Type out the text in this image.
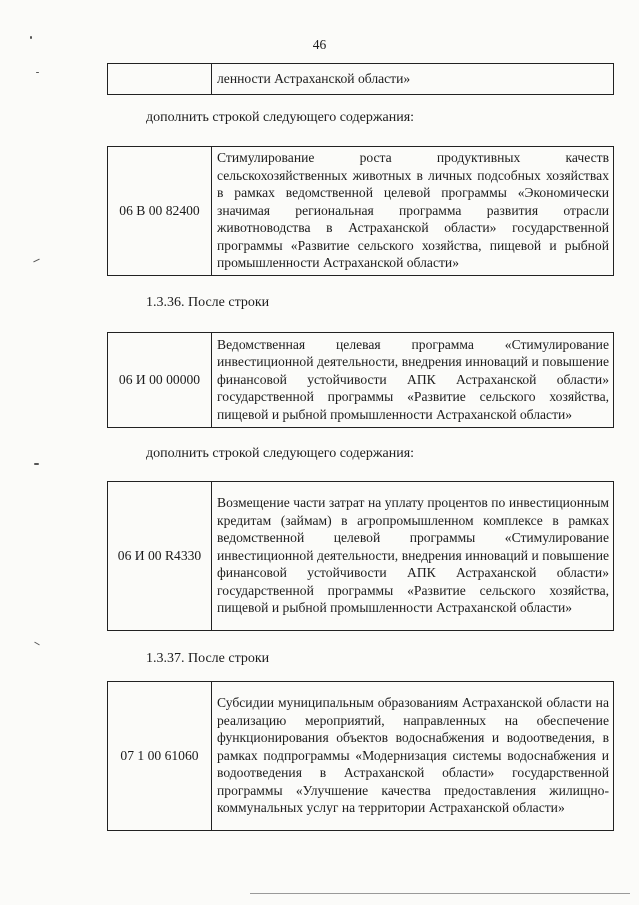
46
	ленности Астраханской области»
дополнить строкой следующего содержания:
06 В 00 82400	Стимулирование роста продуктивных качеств сельскохозяйственных животных в личных подсобных хозяйствах в рамках ведомственной целевой программы «Экономически значимая региональная программа развития отрасли животноводства в Астраханской области» государственной программы «Развитие сельского хозяйства, пищевой и рыбной промышленности Астраханской области»
1.3.36. После строки
06 И 00 00000	Ведомственная целевая программа «Стимулирование инвестиционной деятельности, внедрения инноваций и повышение финансовой устойчивости АПК Астраханской области» государственной программы «Развитие сельского хозяйства, пищевой и рыбной промышленности Астраханской области»
дополнить строкой следующего содержания:
06 И 00 R4330	Возмещение части затрат на уплату процентов по инвестиционным кредитам (займам) в агропромышленном комплексе в рамках ведомственной целевой программы «Стимулирование инвестиционной деятельности, внедрения инноваций и повышение финансовой устойчивости АПК Астраханской области» государственной программы «Развитие сельского хозяйства, пищевой и рыбной промышленности Астраханской области»
1.3.37. После строки
07 1 00 61060	Субсидии муниципальным образованиям Астраханской области на реализацию мероприятий, направленных на обеспечение функционирования объектов водоснабжения и водоотведения, в рамках подпрограммы «Модернизация системы водоснабжения и водоотведения в Астраханской области» государственной программы «Улучшение качества предоставления жилищно-коммунальных услуг на территории Астраханской области»
